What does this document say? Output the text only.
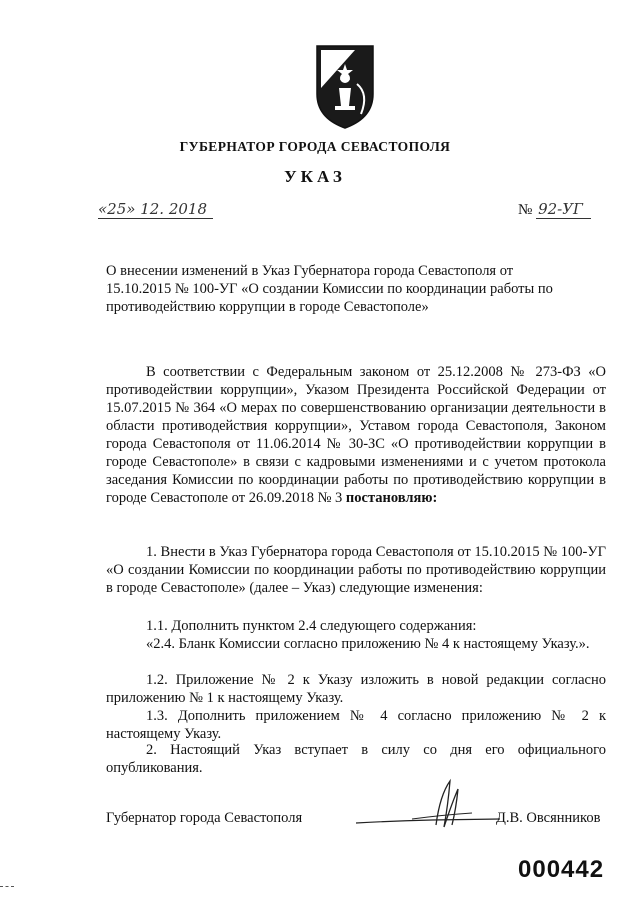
ГУБЕРНАТОР ГОРОДА СЕВАСТОПОЛЯ
УКАЗ
«25» 12. 2018	№ 92-УГ
О внесении изменений в Указ Губернатора города Севастополя от 15.10.2015 № 100-УГ «О создании Комиссии по координации работы по противодействию коррупции в городе Севастополе»
В соответствии с Федеральным законом от 25.12.2008 № 273-ФЗ «О противодействии коррупции», Указом Президента Российской Федерации от 15.07.2015 № 364 «О мерах по совершенствованию организации деятельности в области противодействия коррупции», Уставом города Севастополя, Законом города Севастополя от 11.06.2014 № 30-ЗС «О противодействии коррупции в городе Севастополе» в связи с кадровыми изменениями и с учетом протокола заседания Комиссии по координации работы по противодействию коррупции в городе Севастополе от 26.09.2018 № 3 постановляю:
1. Внести в Указ Губернатора города Севастополя от 15.10.2015 № 100-УГ «О создании Комиссии по координации работы по противодействию коррупции в городе Севастополе» (далее – Указ) следующие изменения:
1.1. Дополнить пунктом 2.4 следующего содержания:
«2.4. Бланк Комиссии согласно приложению № 4 к настоящему Указу.».
1.2. Приложение № 2 к Указу изложить в новой редакции согласно приложению № 1 к настоящему Указу.
1.3. Дополнить приложением № 4 согласно приложению № 2 к настоящему Указу.
2. Настоящий Указ вступает в силу со дня его официального опубликования.
Губернатор города Севастополя	Д.В. Овсянников
000442
